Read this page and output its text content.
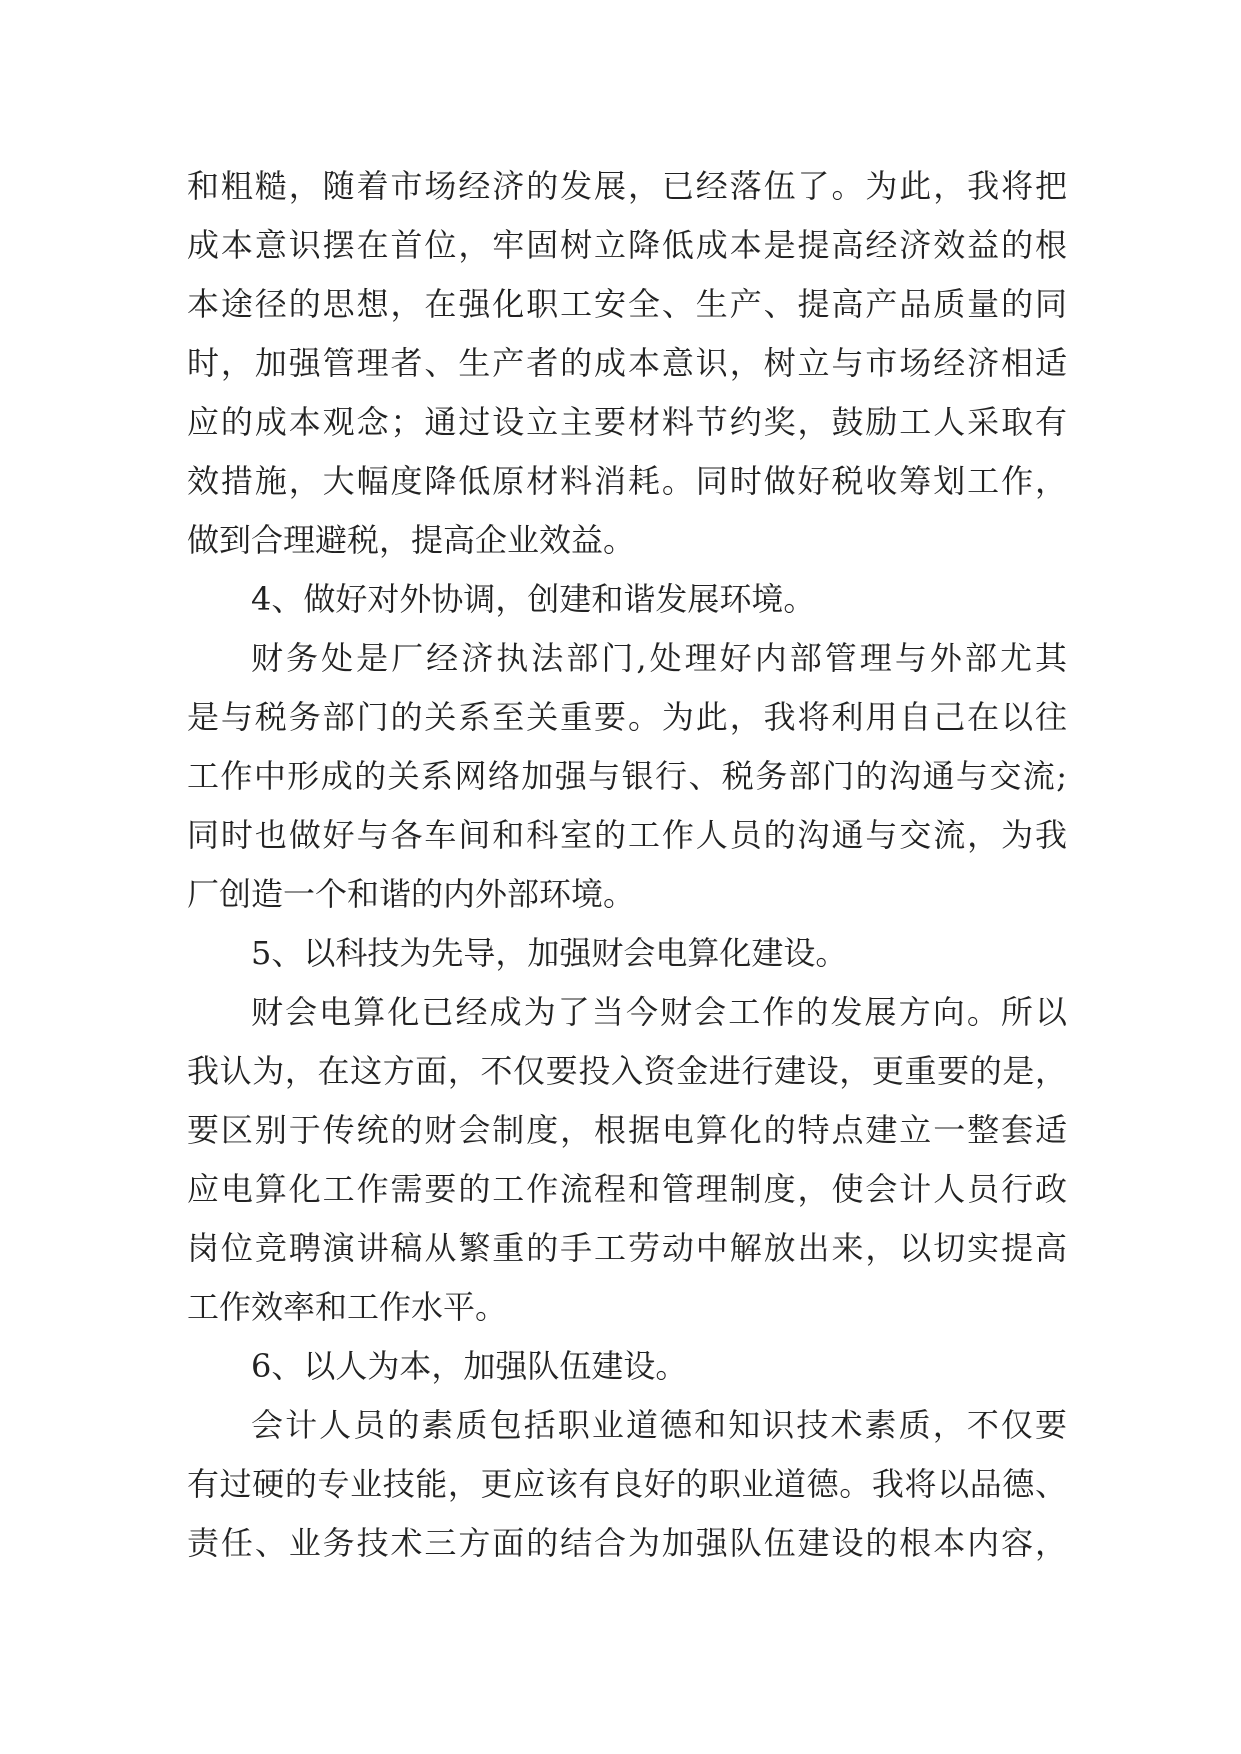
和粗糙，随着市场经济的发展，已经落伍了。为此，我将把
成本意识摆在首位，牢固树立降低成本是提高经济效益的根
本途径的思想，在强化职工安全、生产、提高产品质量的同
时，加强管理者、生产者的成本意识，树立与市场经济相适
应的成本观念；通过设立主要材料节约奖，鼓励工人采取有
效措施，大幅度降低原材料消耗。同时做好税收筹划工作，
做到合理避税，提高企业效益。
4、做好对外协调，创建和谐发展环境。
财务处是厂经济执法部门,处理好内部管理与外部尤其
是与税务部门的关系至关重要。为此，我将利用自己在以往
工作中形成的关系网络加强与银行、税务部门的沟通与交流;
同时也做好与各车间和科室的工作人员的沟通与交流，为我
厂创造一个和谐的内外部环境。
5、以科技为先导，加强财会电算化建设。
财会电算化已经成为了当今财会工作的发展方向。所以
我认为，在这方面，不仅要投入资金进行建设，更重要的是，
要区别于传统的财会制度，根据电算化的特点建立一整套适
应电算化工作需要的工作流程和管理制度，使会计人员行政
岗位竞聘演讲稿从繁重的手工劳动中解放出来，以切实提高
工作效率和工作水平。
6、以人为本，加强队伍建设。
会计人员的素质包括职业道德和知识技术素质，不仅要
有过硬的专业技能，更应该有良好的职业道德。我将以品德、
责任、业务技术三方面的结合为加强队伍建设的根本内容，
